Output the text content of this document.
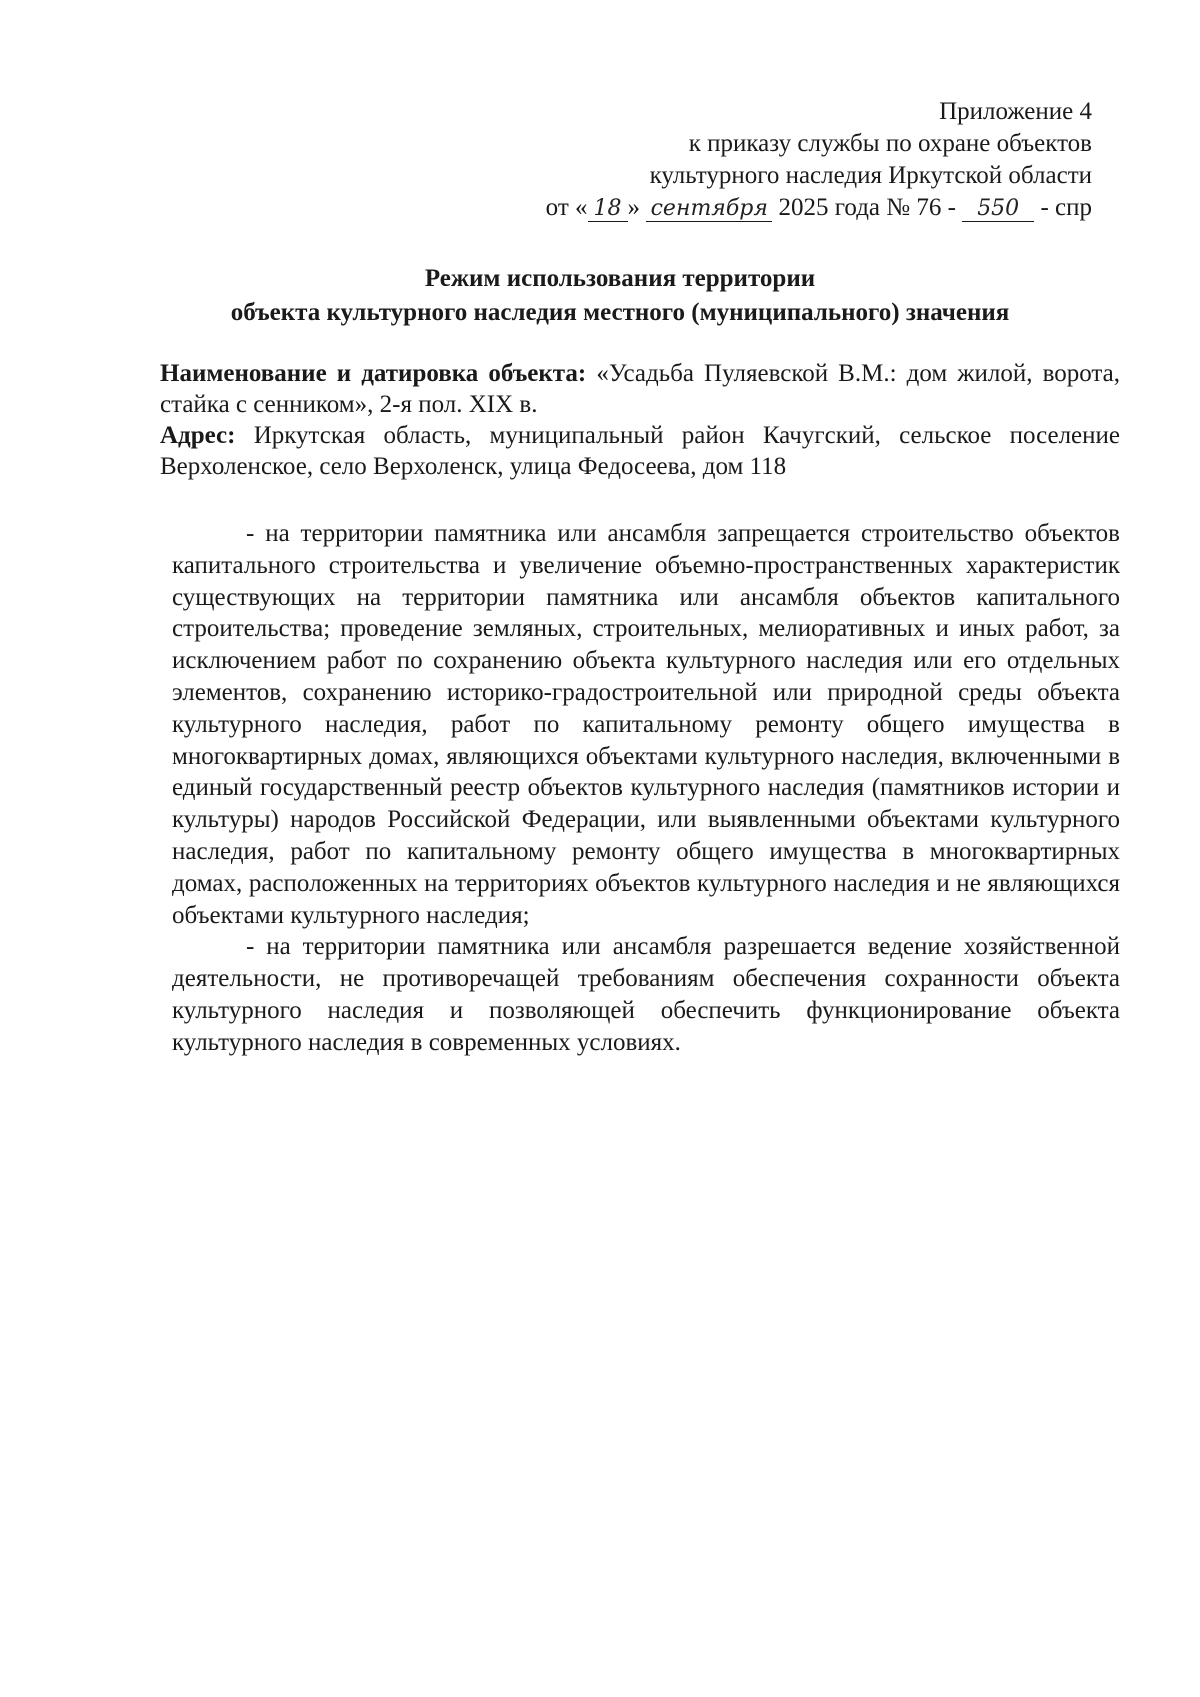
Приложение 4
к приказу службы по охране объектов
культурного наследия Иркутской области
от « 18 » сентября 2025 года № 76 - 550 - спр
Режим использования территории
объекта культурного наследия местного (муниципального) значения

Наименование и датировка объекта: «Усадьба Пуляевской В.М.: дом жилой, ворота, стайка с сенником», 2-я пол. XIX в.

Адрес: Иркутская область, муниципальный район Качугский, сельское поселение Верхоленское, село Верхоленск, улица Федосеева, дом 118

- на территории памятника или ансамбля запрещается строительство объектов капитального строительства и увеличение объемно-пространственных характеристик существующих на территории памятника или ансамбля объектов капитального строительства; проведение земляных, строительных, мелиоративных и иных работ, за исключением работ по сохранению объекта культурного наследия или его отдельных элементов, сохранению историко-градостроительной или природной среды объекта культурного наследия, работ по капитальному ремонту общего имущества в многоквартирных домах, являющихся объектами культурного наследия, включенными в единый государственный реестр объектов культурного наследия (памятников истории и культуры) народов Российской Федерации, или выявленными объектами культурного наследия, работ по капитальному ремонту общего имущества в многоквартирных домах, расположенных на территориях объектов культурного наследия и не являющихся объектами культурного наследия;

- на территории памятника или ансамбля разрешается ведение хозяйственной деятельности, не противоречащей требованиям обеспечения сохранности объекта культурного наследия и позволяющей обеспечить функционирование объекта культурного наследия в современных условиях.
